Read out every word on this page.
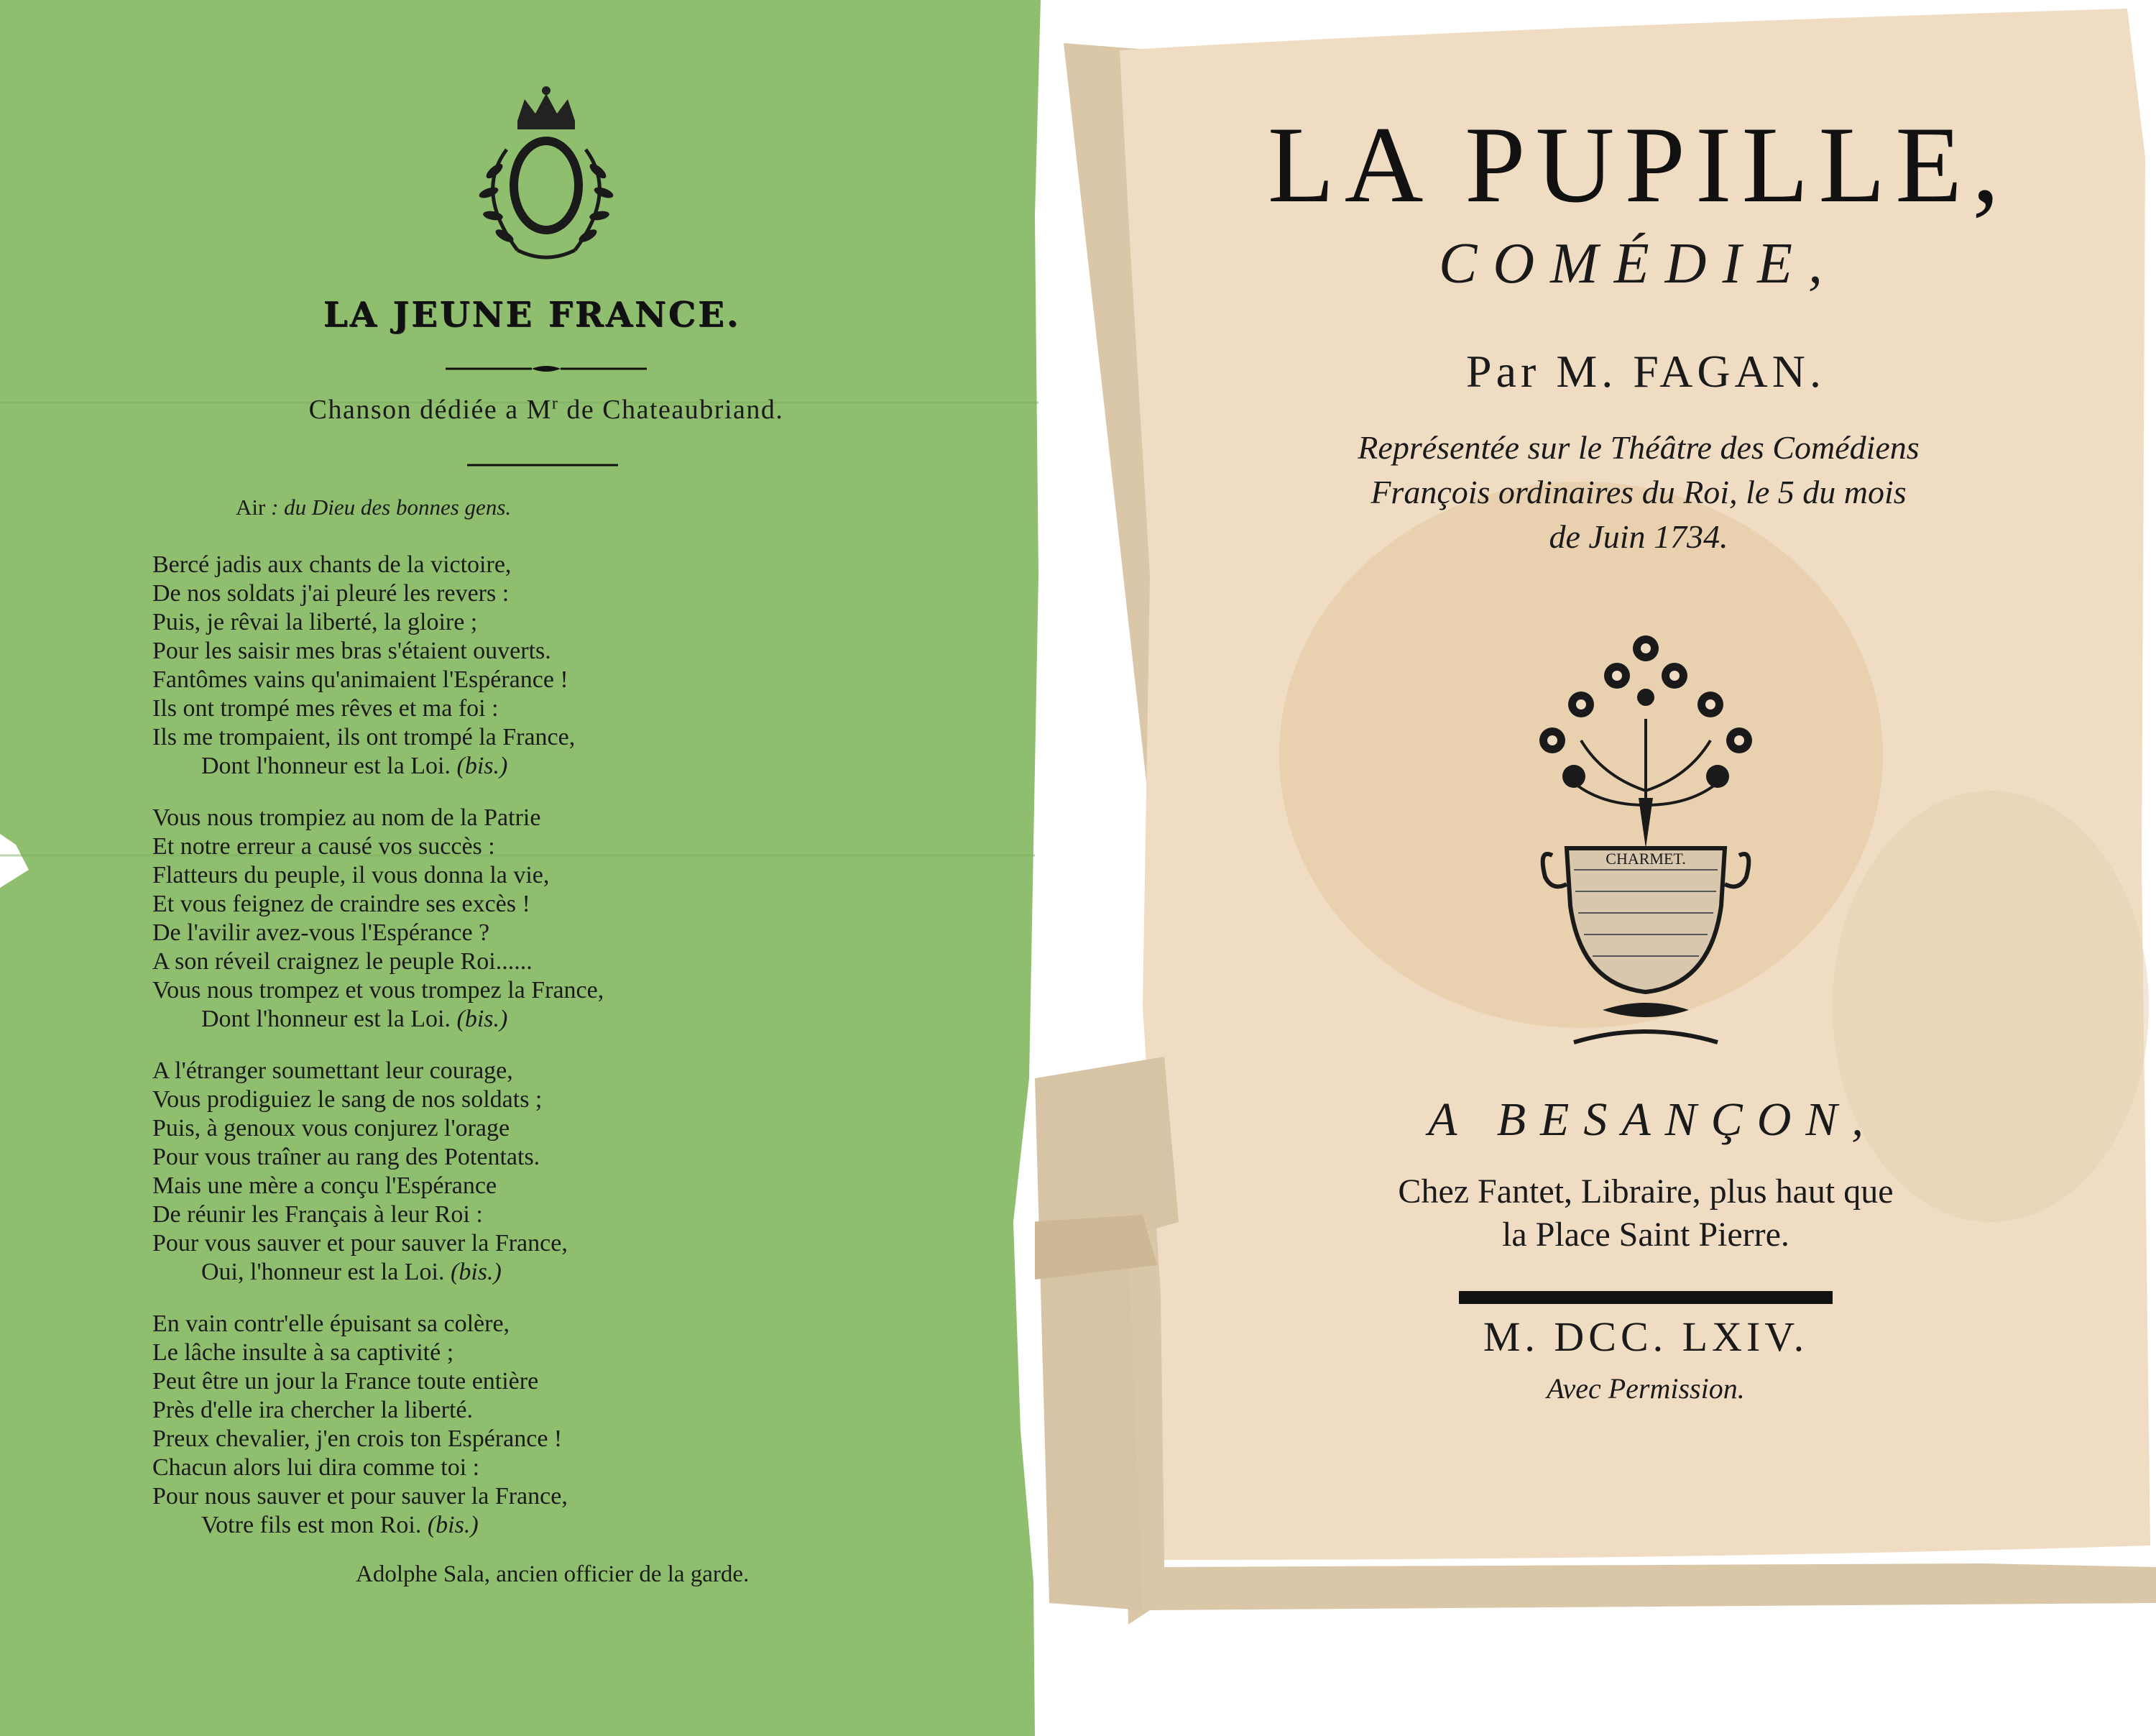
LA JEUNE FRANCE.
Chanson dédiée a $M^r$ de Chateaubriand.
Air : du Dieu des bonnes gens.
Bercé jadis aux chants de la victoire,
De nos soldats j'ai pleuré les revers :
Puis, je rêvai la liberté, la gloire ;
Pour les saisir mes bras s'étaient ouverts.
Fantômes vains qu'animaient l'Espérance !
Ils ont trompé mes rêves et ma foi :
Ils me trompaient, ils ont trompé la France,
Dont l'honneur est la Loi. (bis.)
Vous nous trompiez au nom de la Patrie
Et notre erreur a causé vos succès :
Flatteurs du peuple, il vous donna la vie,
Et vous feignez de craindre ses excès !
De l'avilir avez-vous l'Espérance ?
A son réveil craignez le peuple Roi......
Vous nous trompez et vous trompez la France,
Dont l'honneur est la Loi. (bis.)
A l'étranger soumettant leur courage,
Vous prodiguiez le sang de nos soldats ;
Puis, à genoux vous conjurez l'orage
Pour vous traîner au rang des Potentats.
Mais une mère a conçu l'Espérance
De réunir les Français à leur Roi :
Pour vous sauver et pour sauver la France,
Oui, l'honneur est la Loi. (bis.)
En vain contr'elle épuisant sa colère,
Le lâche insulte à sa captivité ;
Peut être un jour la France toute entière
Près d'elle ira chercher la liberté.
Preux chevalier, j'en crois ton Espérance !
Chacun alors lui dira comme toi :
Pour nous sauver et pour sauver la France,
Votre fils est mon Roi. (bis.)
Adolphe Sala, ancien officier de la garde.
LA PUPILLE,
COMÉDIE,
Par M. FAGAN.
Représentée sur le Théâtre des Comédiens
François ordinaires du Roi, le 5 du mois
de Juin 1734.
CHARMET.
A BESANÇON,
Chez Fantet, Libraire, plus haut que
la Place Saint Pierre.
M. DCC. LXIV.
Avec Permission.
